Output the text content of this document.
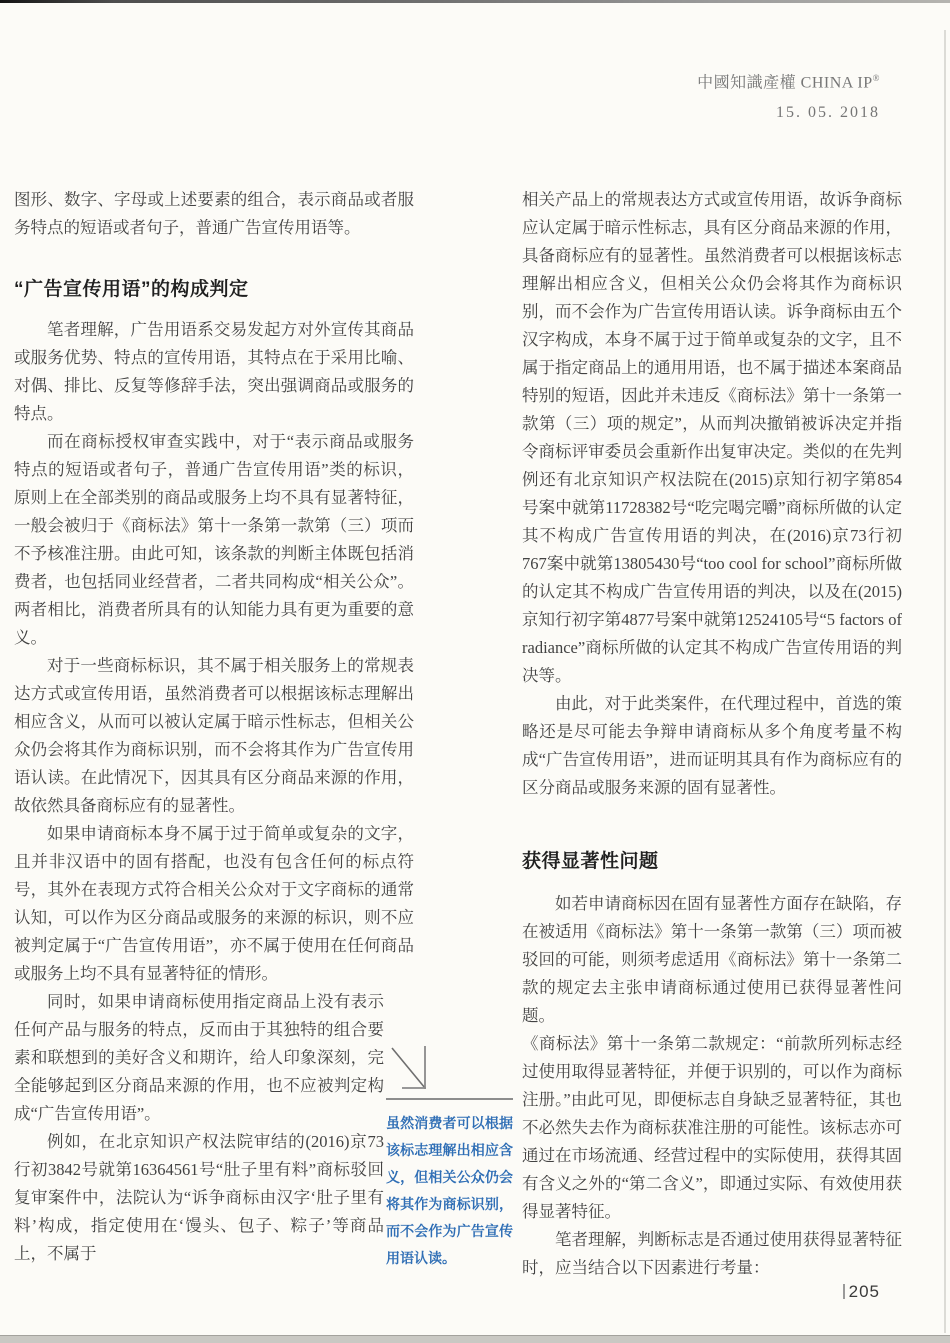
中國知識產權 CHINA IP®
15. 05. 2018

图形、数字、字母或上述要素的组合，表示商品或者服务特点的短语或者句子，普通广告宣传用语等。

“广告宣传用语”的构成判定

笔者理解，广告用语系交易发起方对外宣传其商品或服务优势、特点的宣传用语，其特点在于采用比喻、对偶、排比、反复等修辞手法，突出强调商品或服务的特点。

而在商标授权审查实践中，对于“表示商品或服务特点的短语或者句子，普通广告宣传用语”类的标识，原则上在全部类别的商品或服务上均不具有显著特征，一般会被归于《商标法》第十一条第一款第（三）项而不予核准注册。由此可知，该条款的判断主体既包括消费者，也包括同业经营者，二者共同构成“相关公众”。两者相比，消费者所具有的认知能力具有更为重要的意义。

对于一些商标标识，其不属于相关服务上的常规表达方式或宣传用语，虽然消费者可以根据该标志理解出相应含义，从而可以被认定属于暗示性标志，但相关公众仍会将其作为商标识别，而不会将其作为广告宣传用语认读。在此情况下，因其具有区分商品来源的作用，故依然具备商标应有的显著性。

如果申请商标本身不属于过于简单或复杂的文字，且并非汉语中的固有搭配，也没有包含任何的标点符号，其外在表现方式符合相关公众对于文字商标的通常认知，可以作为区分商品或服务的来源的标识，则不应被判定属于“广告宣传用语”，亦不属于使用在任何商品或服务上均不具有显著特征的情形。

同时，如果申请商标使用指定商品上没有表示任何产品与服务的特点，反而由于其独特的组合要素和联想到的美好含义和期许，给人印象深刻，完全能够起到区分商品来源的作用，也不应被判定构成“广告宣传用语”。

例如，在北京知识产权法院审结的(2016)京73行初3842号就第16364561号“肚子里有料”商标驳回复审案件中，法院认为“诉争商标由汉字‘肚子里有料’构成，指定使用在‘馒头、包子、粽子’等商品上，不属于

虽然消费者可以根据该标志理解出相应含义，但相关公众仍会将其作为商标识别，而不会作为广告宣传用语认读。

相关产品上的常规表达方式或宣传用语，故诉争商标应认定属于暗示性标志，具有区分商品来源的作用，具备商标应有的显著性。虽然消费者可以根据该标志理解出相应含义，但相关公众仍会将其作为商标识别，而不会作为广告宣传用语认读。诉争商标由五个汉字构成，本身不属于过于简单或复杂的文字，且不属于指定商品上的通用用语，也不属于描述本案商品特别的短语，因此并未违反《商标法》第十一条第一款第（三）项的规定”，从而判决撤销被诉决定并指令商标评审委员会重新作出复审决定。类似的在先判例还有北京知识产权法院在(2015)京知行初字第854号案中就第11728382号“吃完喝完嚼”商标所做的认定其不构成广告宣传用语的判决，在(2016)京73行初767案中就第13805430号“too cool for school”商标所做的认定其不构成广告宣传用语的判决，以及在(2015)京知行初字第4877号案中就第12524105号“5 factors of radiance”商标所做的认定其不构成广告宣传用语的判决等。

由此，对于此类案件，在代理过程中，首选的策略还是尽可能去争辩申请商标从多个角度考量不构成“广告宣传用语”，进而证明其具有作为商标应有的区分商品或服务来源的固有显著性。

获得显著性问题

如若申请商标因在固有显著性方面存在缺陷，存在被适用《商标法》第十一条第一款第（三）项而被驳回的可能，则须考虑适用《商标法》第十一条第二款的规定去主张申请商标通过使用已获得显著性问题。

《商标法》第十一条第二款规定：“前款所列标志经过使用取得显著特征，并便于识别的，可以作为商标注册。”由此可见，即便标志自身缺乏显著特征，其也不必然失去作为商标获准注册的可能性。该标志亦可通过在市场流通、经营过程中的实际使用，获得其固有含义之外的“第二含义”，即通过实际、有效使用获得显著特征。

笔者理解，判断标志是否通过使用获得显著特征时，应当结合以下因素进行考量：

205
